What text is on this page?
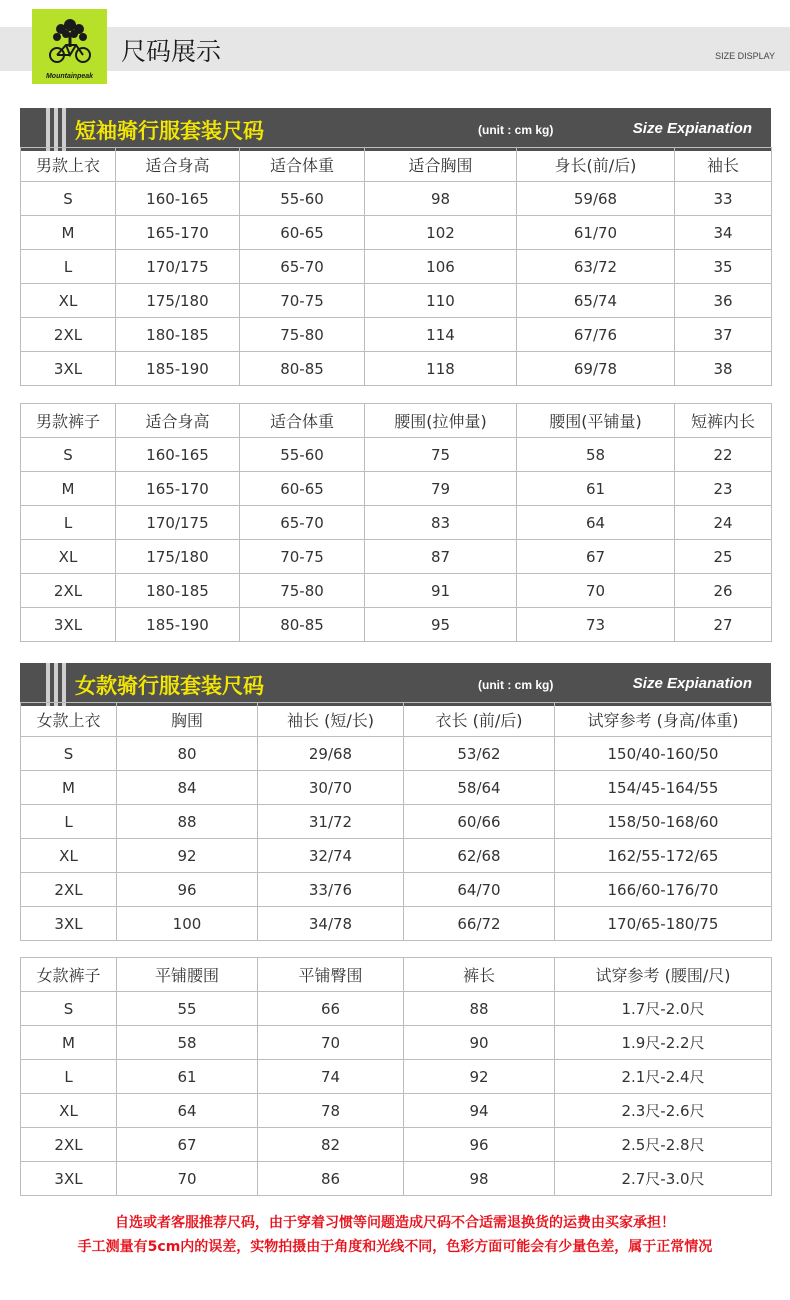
Mountainpeak
尺码展示	SIZE DISPLAY
短袖骑行服套装尺码	(unit : cm kg)	Size Expianation
男款上衣	适合身高	适合体重	适合胸围	身长(前/后)	袖长
S	160-165	55-60	98	59/68	33
M	165-170	60-65	102	61/70	34
L	170/175	65-70	106	63/72	35
XL	175/180	70-75	110	65/74	36
2XL	180-185	75-80	114	67/76	37
3XL	185-190	80-85	118	69/78	38
男款裤子	适合身高	适合体重	腰围(拉伸量)	腰围(平铺量)	短裤内长
S	160-165	55-60	75	58	22
M	165-170	60-65	79	61	23
L	170/175	65-70	83	64	24
XL	175/180	70-75	87	67	25
2XL	180-185	75-80	91	70	26
3XL	185-190	80-85	95	73	27
女款骑行服套装尺码	(unit : cm kg)	Size Expianation
女款上衣	胸围	袖长 (短/长)	衣长 (前/后)	试穿参考 (身高/体重)
S	80	29/68	53/62	150/40-160/50
M	84	30/70	58/64	154/45-164/55
L	88	31/72	60/66	158/50-168/60
XL	92	32/74	62/68	162/55-172/65
2XL	96	33/76	64/70	166/60-176/70
3XL	100	34/78	66/72	170/65-180/75
女款裤子	平铺腰围	平铺臀围	裤长	试穿参考 (腰围/尺)
S	55	66	88	1.7尺-2.0尺
M	58	70	90	1.9尺-2.2尺
L	61	74	92	2.1尺-2.4尺
XL	64	78	94	2.3尺-2.6尺
2XL	67	82	96	2.5尺-2.8尺
3XL	70	86	98	2.7尺-3.0尺
自选或者客服推荐尺码，由于穿着习惯等问题造成尺码不合适需退换货的运费由买家承担！
手工测量有5cm内的误差，实物拍摄由于角度和光线不同，色彩方面可能会有少量色差，属于正常情况
